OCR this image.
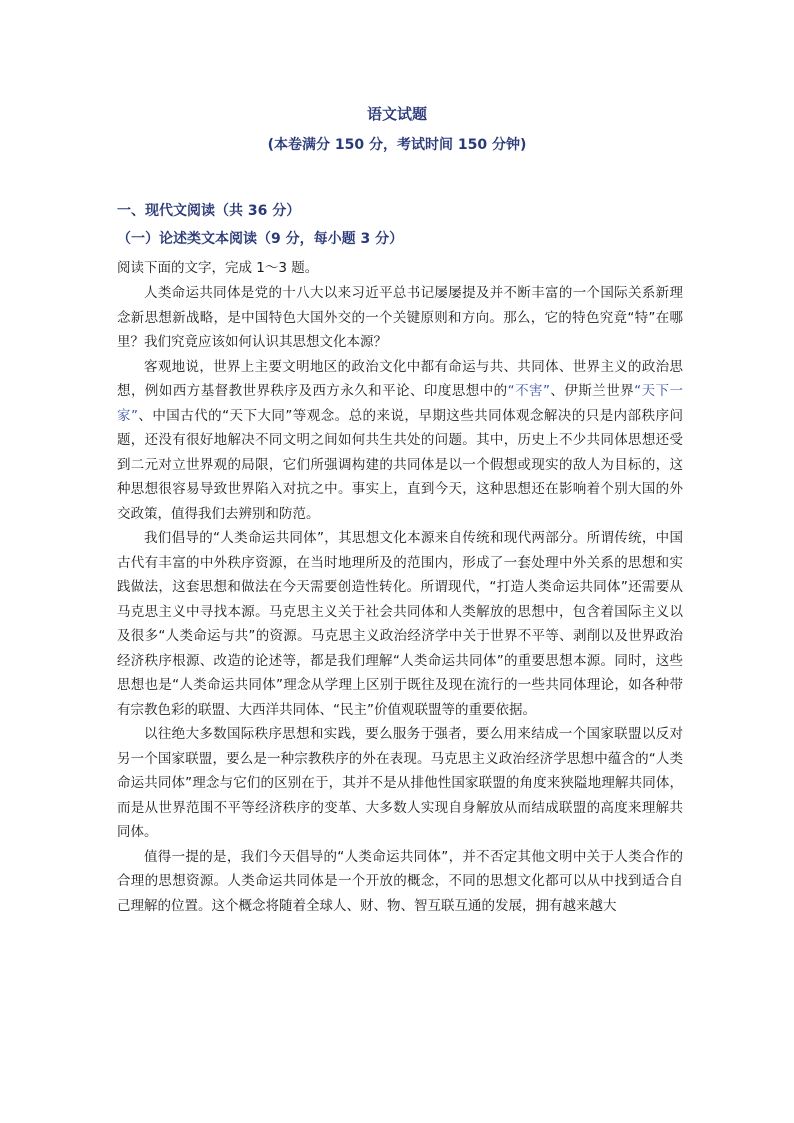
语文试题
(本卷满分 150 分，考试时间 150 分钟)
一、现代文阅读（共 36 分）
（一）论述类文本阅读（9 分，每小题 3 分）
阅读下面的文字，完成 1～3 题。

人类命运共同体是党的十八大以来习近平总书记屡屡提及并不断丰富的一个国际关系新理念新思想新战略，是中国特色大国外交的一个关键原则和方向。那么，它的特色究竟“特”在哪里？我们究竟应该如何认识其思想文化本源？

客观地说，世界上主要文明地区的政治文化中都有命运与共、共同体、世界主义的政治思想，例如西方基督教世界秩序及西方永久和平论、印度思想中的“不害”、伊斯兰世界“天下一家”、中国古代的“天下大同”等观念。总的来说，早期这些共同体观念解决的只是内部秩序问题，还没有很好地解决不同文明之间如何共生共处的问题。其中，历史上不少共同体思想还受到二元对立世界观的局限，它们所强调构建的共同体是以一个假想或现实的敌人为目标的，这种思想很容易导致世界陷入对抗之中。事实上，直到今天，这种思想还在影响着个别大国的外交政策，值得我们去辨别和防范。

我们倡导的“人类命运共同体”，其思想文化本源来自传统和现代两部分。所谓传统，中国古代有丰富的中外秩序资源，在当时地理所及的范围内，形成了一套处理中外关系的思想和实践做法，这套思想和做法在今天需要创造性转化。所谓现代，“打造人类命运共同体”还需要从马克思主义中寻找本源。马克思主义关于社会共同体和人类解放的思想中，包含着国际主义以及很多“人类命运与共”的资源。马克思主义政治经济学中关于世界不平等、剥削以及世界政治经济秩序根源、改造的论述等，都是我们理解“人类命运共同体”的重要思想本源。同时，这些思想也是“人类命运共同体”理念从学理上区别于既往及现在流行的一些共同体理论，如各种带有宗教色彩的联盟、大西洋共同体、“民主”价值观联盟等的重要依据。

以往绝大多数国际秩序思想和实践，要么服务于强者，要么用来结成一个国家联盟以反对另一个国家联盟，要么是一种宗教秩序的外在表现。马克思主义政治经济学思想中蕴含的“人类命运共同体”理念与它们的区别在于，其并不是从排他性国家联盟的角度来狭隘地理解共同体，而是从世界范围不平等经济秩序的变革、大多数人实现自身解放从而结成联盟的高度来理解共同体。

值得一提的是，我们今天倡导的“人类命运共同体”，并不否定其他文明中关于人类合作的合理的思想资源。人类命运共同体是一个开放的概念，不同的思想文化都可以从中找到适合自己理解的位置。这个概念将随着全球人、财、物、智互联互通的发展，拥有越来越大
